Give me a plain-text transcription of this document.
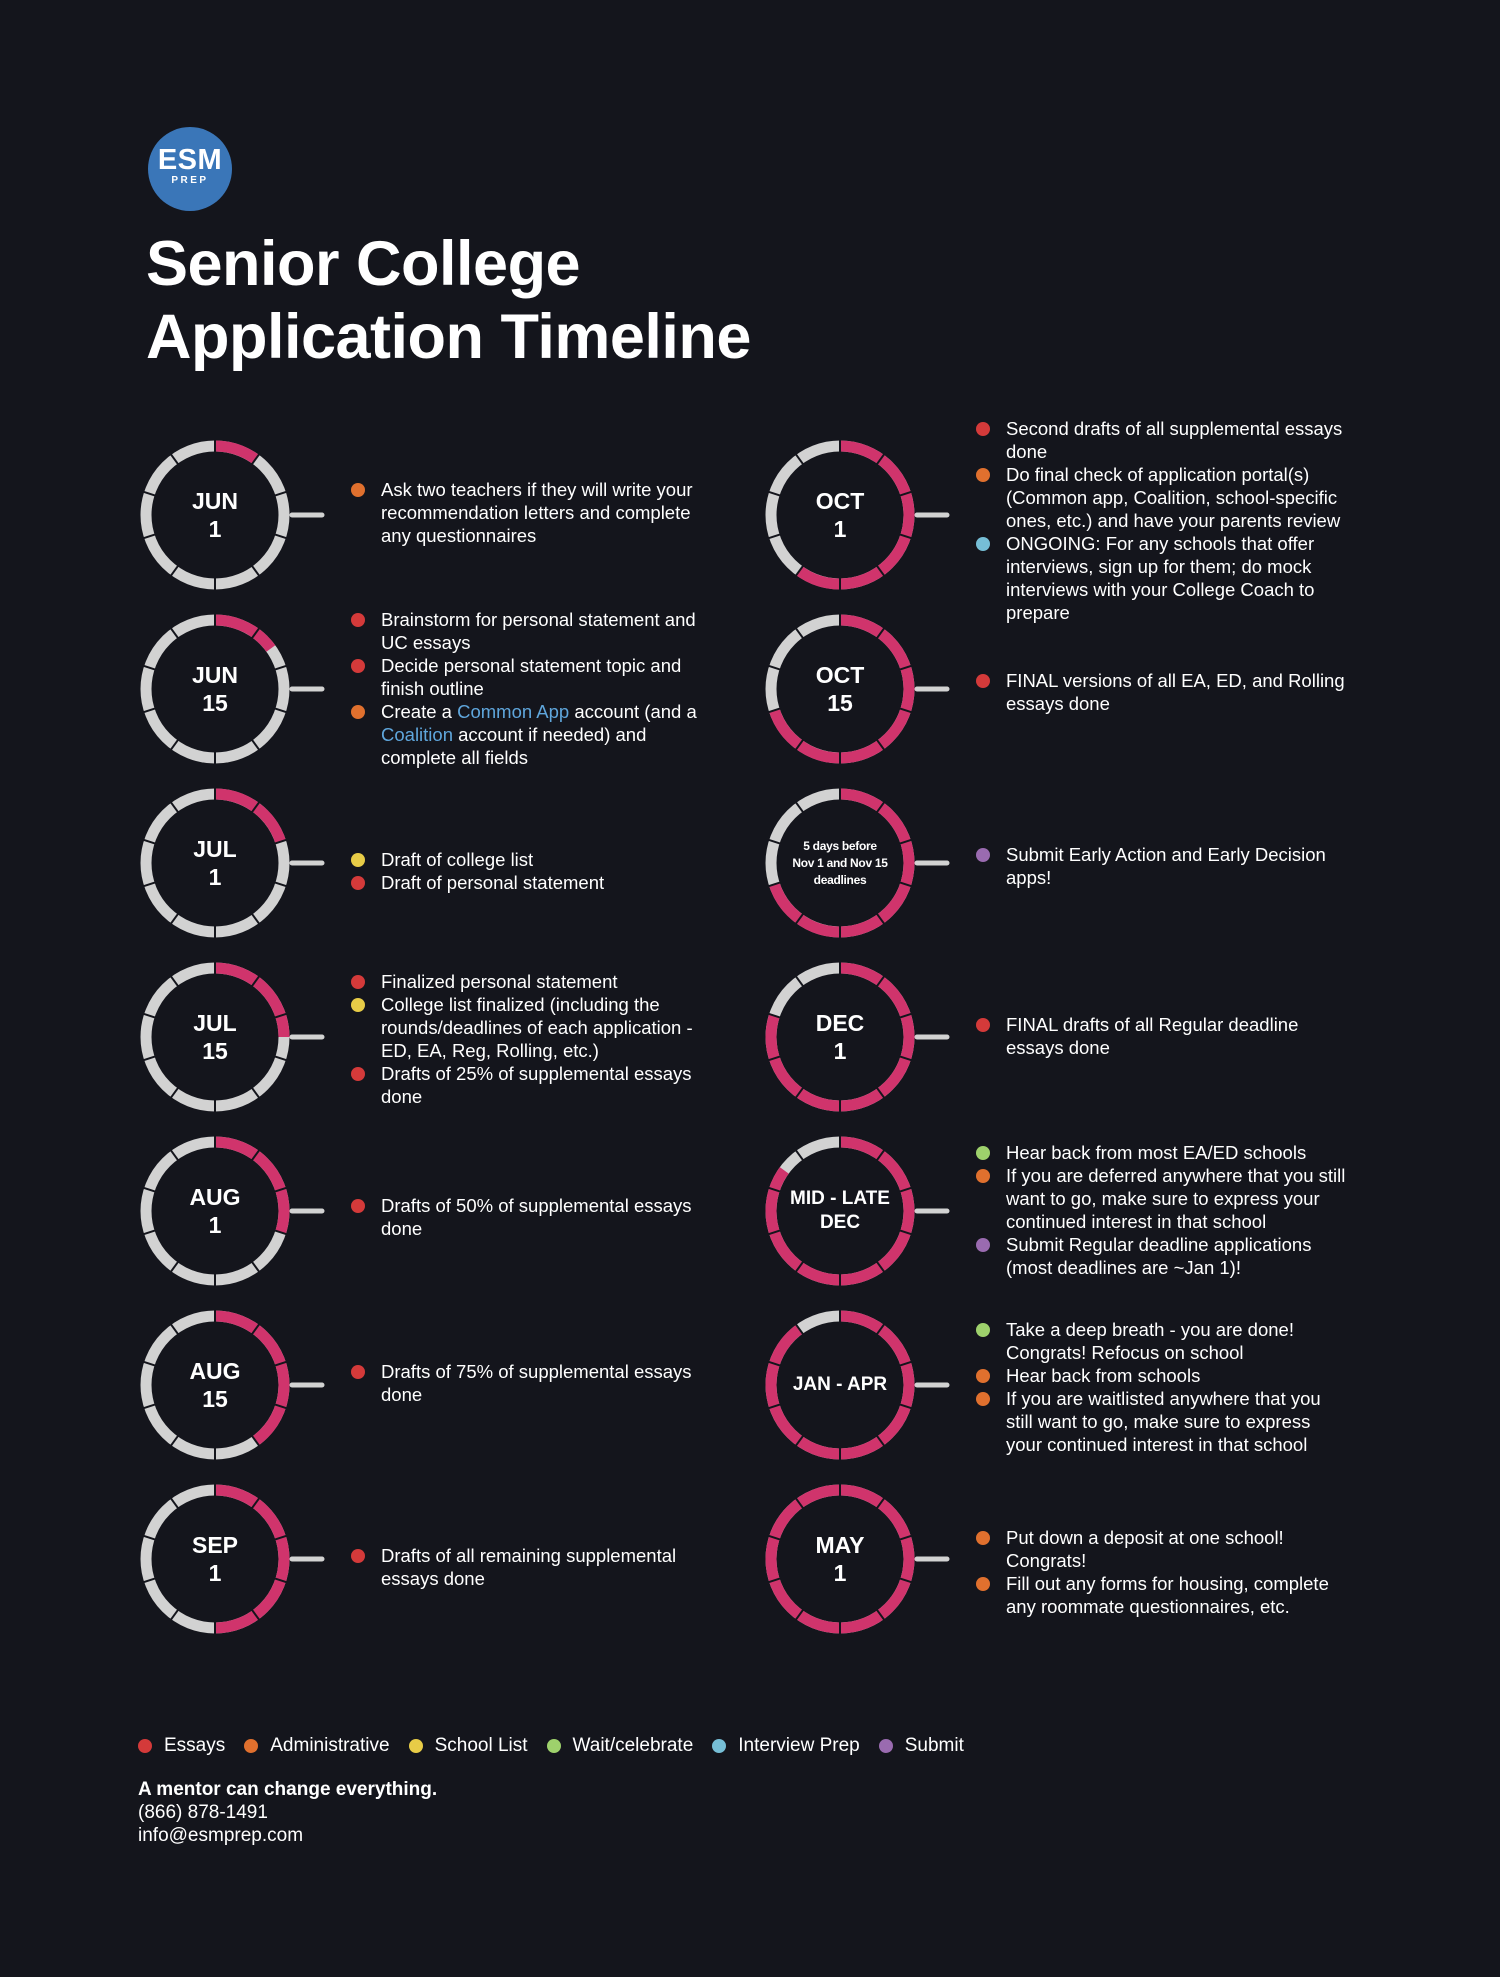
ESM
PREP
Senior College
Application Timeline
JUN
1
Ask two teachers if they will write your recommendation letters and complete any questionnaires
JUN
15
Brainstorm for personal statement and UC essays
Decide personal statement topic and finish outline
Create a Common App account (and a Coalition account if needed) and complete all fields
JUL
1
Draft of college list
Draft of personal statement
JUL
15
Finalized personal statement
College list finalized (including the rounds/deadlines of each application - ED, EA, Reg, Rolling, etc.)
Drafts of 25% of supplemental essays done
AUG
1
Drafts of 50% of supplemental essays done
AUG
15
Drafts of 75% of supplemental essays done
SEP
1
Drafts of all remaining supplemental essays done
OCT
1
Second drafts of all supplemental essays done
Do final check of application portal(s) (Common app, Coalition, school-specific ones, etc.) and have your parents review
ONGOING: For any schools that offer interviews, sign up for them; do mock interviews with your College Coach to prepare
OCT
15
FINAL versions of all EA, ED, and Rolling essays done
5 days before
Nov 1 and Nov 15
deadlines
Submit Early Action and Early Decision apps!
DEC
1
FINAL drafts of all Regular deadline essays done
MID - LATE
DEC
Hear back from most EA/ED schools
If you are deferred anywhere that you still want to go, make sure to express your continued interest in that school
Submit Regular deadline applications (most deadlines are ~Jan 1)!
JAN - APR
Take a deep breath - you are done! Congrats! Refocus on school
Hear back from schools
If you are waitlisted anywhere that you still want to go, make sure to express your continued interest in that school
MAY
1
Put down a deposit at one school! Congrats!
Fill out any forms for housing, complete any roommate questionnaires, etc.
Essays Administrative School List Wait/celebrate Interview Prep Submit
A mentor can change everything.
(866) 878-1491
info@esmprep.com
